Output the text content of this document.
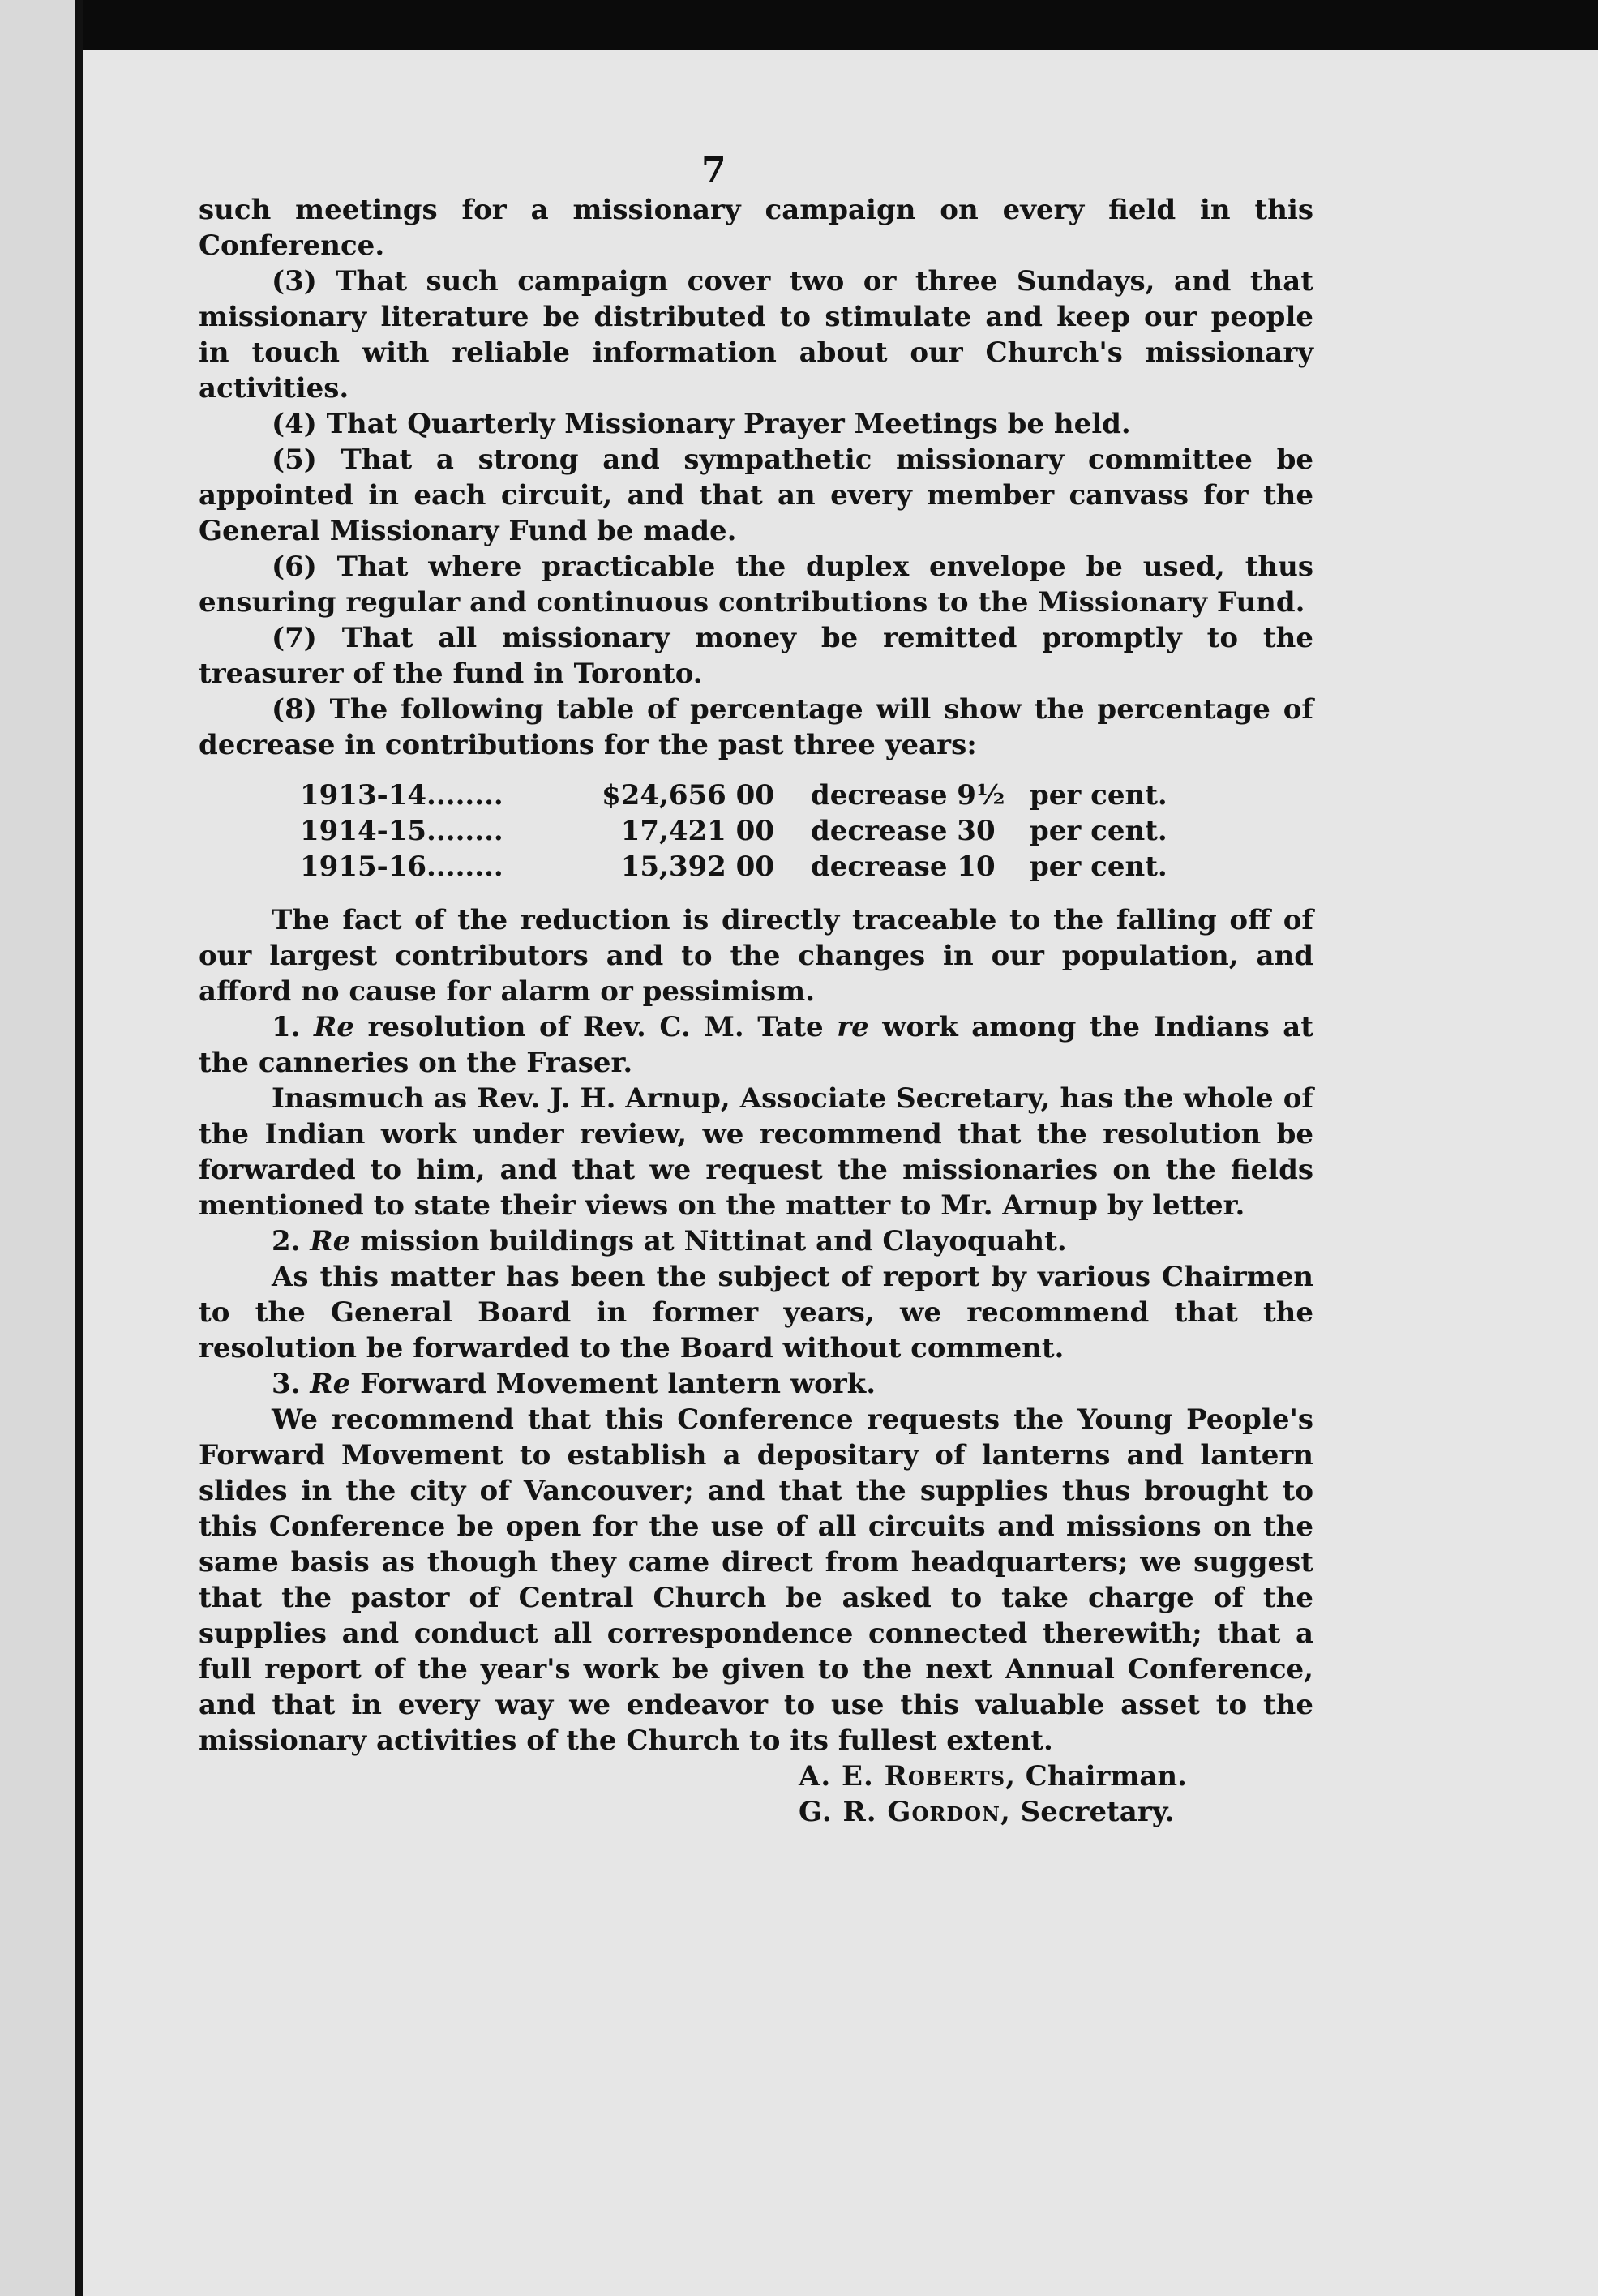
7

such meetings for a missionary campaign on every field in this Conference.

(3) That such campaign cover two or three Sundays, and that missionary literature be distributed to stimulate and keep our people in touch with reliable information about our Church's missionary activities.

(4) That Quarterly Missionary Prayer Meetings be held.

(5) That a strong and sympathetic missionary committee be appointed in each circuit, and that an every member canvass for the General Missionary Fund be made.

(6) That where practicable the duplex envelope be used, thus ensuring regular and continuous contributions to the Missionary Fund.

(7) That all missionary money be remitted promptly to the treasurer of the fund in Toronto.

(8) The following table of percentage will show the percentage of decrease in contributions for the past three years:

1913-14........	$24,656 00	decrease 9½ per cent.
1914-15........	17,421 00	decrease 30	per cent.
1915-16........	15,392 00	decrease 10	per cent.

The fact of the reduction is directly traceable to the falling off of our largest contributors and to the changes in our population, and afford no cause for alarm or pessimism.

1. Re resolution of Rev. C. M. Tate re work among the Indians at the canneries on the Fraser.

Inasmuch as Rev. J. H. Arnup, Associate Secretary, has the whole of the Indian work under review, we recommend that the resolution be forwarded to him, and that we request the missionaries on the fields mentioned to state their views on the matter to Mr. Arnup by letter.

2. Re mission buildings at Nittinat and Clayoquaht.

As this matter has been the subject of report by various Chairmen to the General Board in former years, we recommend that the resolution be forwarded to the Board without comment.

3. Re Forward Movement lantern work.

We recommend that this Conference requests the Young People's Forward Movement to establish a depositary of lanterns and lantern slides in the city of Vancouver; and that the supplies thus brought to this Conference be open for the use of all circuits and missions on the same basis as though they came direct from headquarters; we suggest that the pastor of Central Church be asked to take charge of the supplies and conduct all correspondence connected therewith; that a full report of the year's work be given to the next Annual Conference, and that in every way we endeavor to use this valuable asset to the missionary activities of the Church to its fullest extent.

A. E. Roberts, Chairman.
G. R. Gordon, Secretary.
